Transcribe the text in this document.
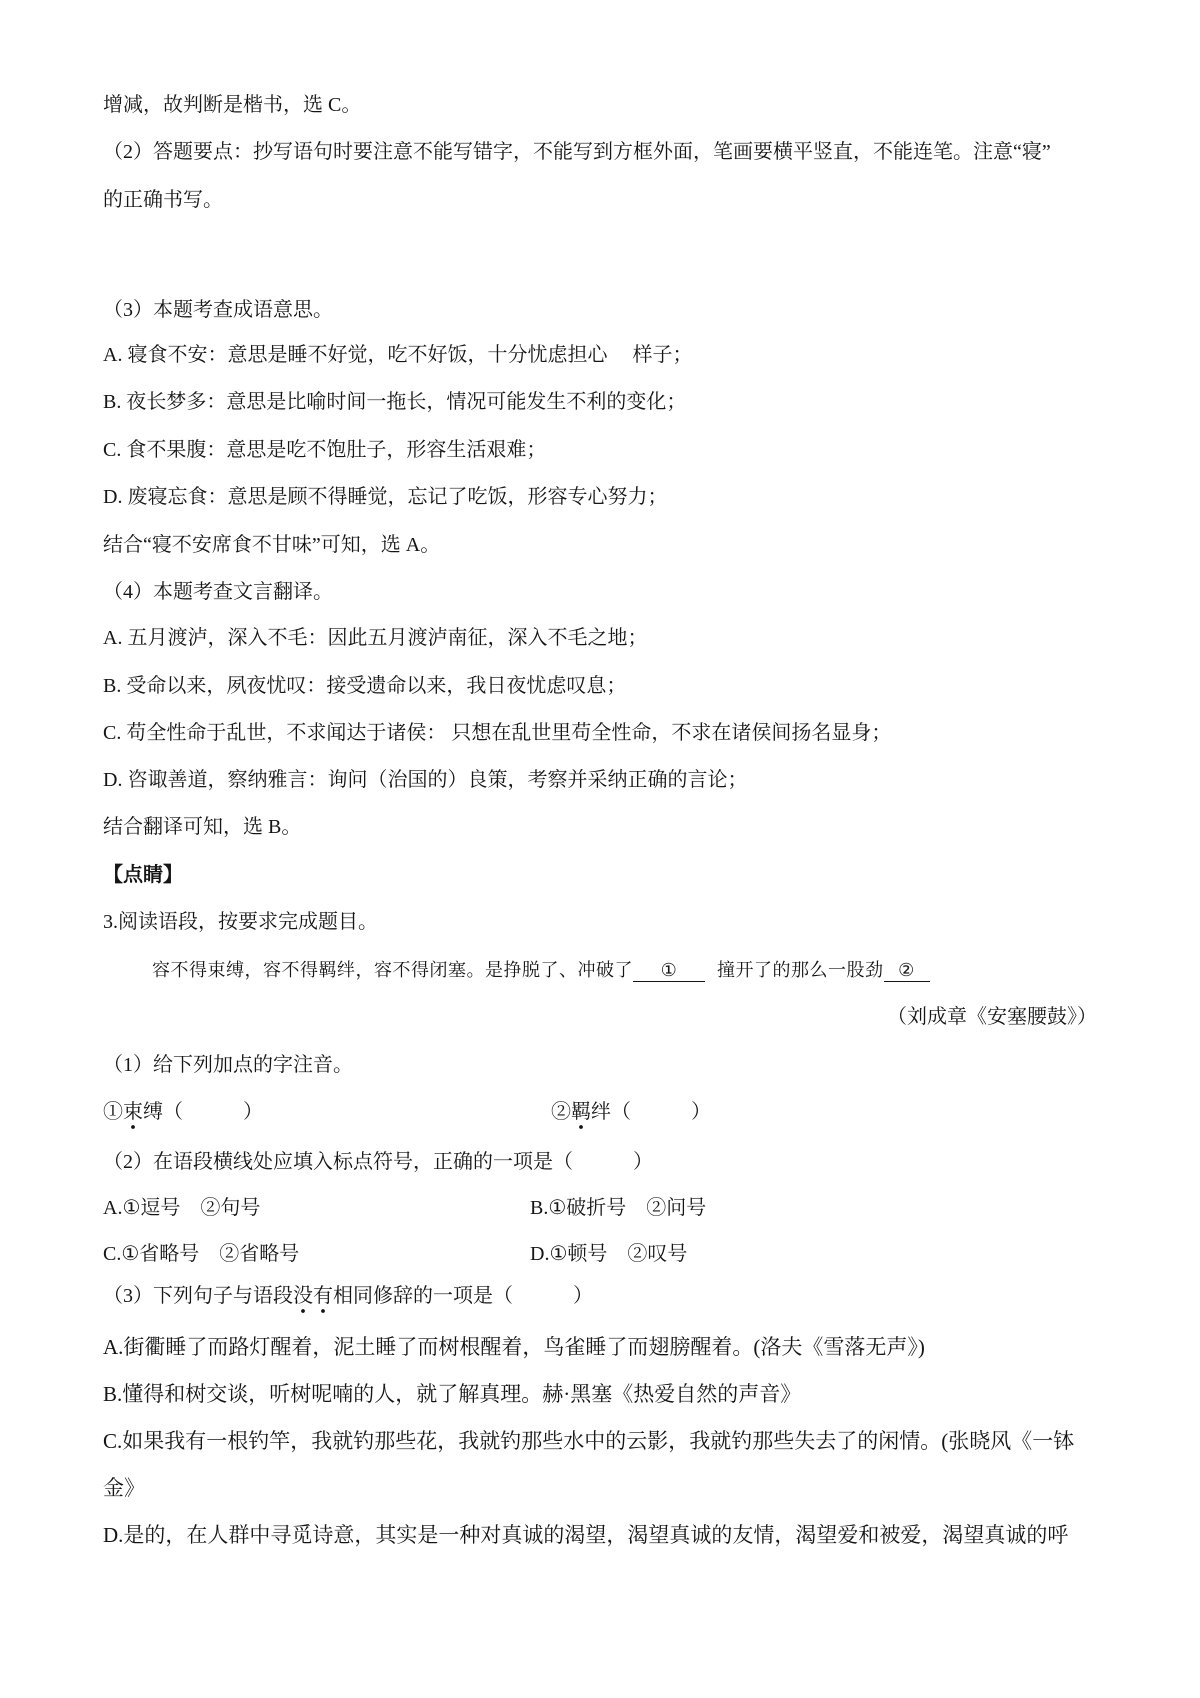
增减，故判断是楷书，选 C。
（2）答题要点：抄写语句时要注意不能写错字，不能写到方框外面，笔画要横平竖直，不能连笔。注意“寝”
的正确书写。
（3）本题考查成语意思。
A. 寝食不安：意思是睡不好觉，吃不好饭，十分忧虑担心　 样子；
B. 夜长梦多：意思是比喻时间一拖长，情况可能发生不利的变化；
C. 食不果腹：意思是吃不饱肚子，形容生活艰难；
D. 废寝忘食：意思是顾不得睡觉，忘记了吃饭，形容专心努力；
结合“寝不安席食不甘味”可知，选 A。
（4）本题考查文言翻译。
A. 五月渡泸，深入不毛：因此五月渡泸南征，深入不毛之地；
B. 受命以来，夙夜忧叹：接受遗命以来，我日夜忧虑叹息；
C. 苟全性命于乱世，不求闻达于诸侯： 只想在乱世里苟全性命，不求在诸侯间扬名显身；
D. 咨诹善道，察纳雅言：询问（治国的）良策，考察并采纳正确的言论；
结合翻译可知，选 B。
【点睛】
3.阅读语段，按要求完成题目。
容不得束缚，容不得羁绊，容不得闭塞。是挣脱了、冲破了 ① 撞开了的那么一股劲 ②
（刘成章《安塞腰鼓》）
（1）给下列加点的字注音。
①束缚（　　　）	②羁绊（　　　）
（2）在语段横线处应填入标点符号，正确的一项是（　　　）
A.①逗号　②句号	B.①破折号　②问号
C.①省略号　②省略号	D.①顿号　②叹号
（3）下列句子与语段没有相同修辞的一项是（　　　）
A.街衢睡了而路灯醒着，泥土睡了而树根醒着，鸟雀睡了而翅膀醒着。(洛夫《雪落无声》)
B.懂得和树交谈，听树呢喃的人，就了解真理。赫·黑塞《热爱自然的声音》
C.如果我有一根钓竿，我就钓那些花，我就钓那些水中的云影，我就钓那些失去了的闲情。(张晓风《一钵
金》
D.是的，在人群中寻觅诗意，其实是一种对真诚的渴望，渴望真诚的友情，渴望爱和被爱，渴望真诚的呼
